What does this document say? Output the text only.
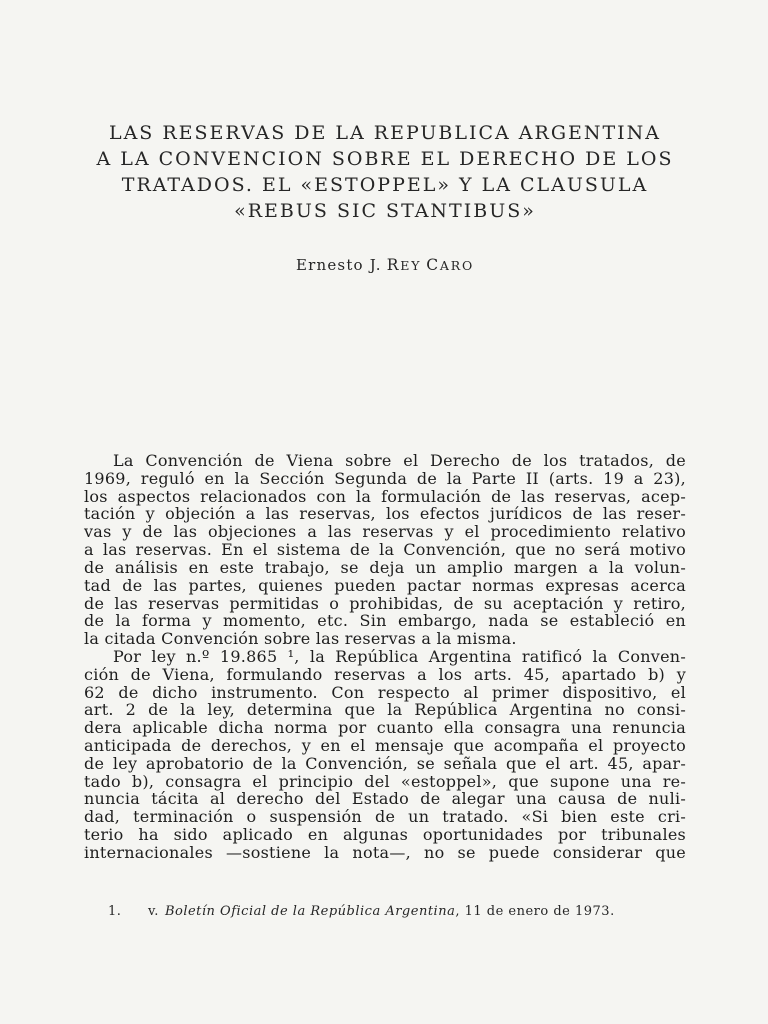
LAS RESERVAS DE LA REPUBLICA ARGENTINA
A LA CONVENCION SOBRE EL DERECHO DE LOS
TRATADOS. EL «ESTOPPEL» Y LA CLAUSULA
«REBUS SIC STANTIBUS»
Ernesto J. REY CARO
La Convención de Viena sobre el Derecho de los tratados, de
1969, reguló en la Sección Segunda de la Parte II (arts. 19 a 23),
los aspectos relacionados con la formulación de las reservas, acep-
tación y objeción a las reservas, los efectos jurídicos de las reser-
vas y de las objeciones a las reservas y el procedimiento relativo
a las reservas. En el sistema de la Convención, que no será motivo
de análisis en este trabajo, se deja un amplio margen a la volun-
tad de las partes, quienes pueden pactar normas expresas acerca
de las reservas permitidas o prohibidas, de su aceptación y retiro,
de la forma y momento, etc. Sin embargo, nada se estableció en
la citada Convención sobre las reservas a la misma.
Por ley n.º 19.865 ¹, la República Argentina ratificó la Conven-
ción de Viena, formulando reservas a los arts. 45, apartado b) y
62 de dicho instrumento. Con respecto al primer dispositivo, el
art. 2 de la ley, determina que la República Argentina no consi-
dera aplicable dicha norma por cuanto ella consagra una renuncia
anticipada de derechos, y en el mensaje que acompaña el proyecto
de ley aprobatorio de la Convención, se señala que el art. 45, apar-
tado b), consagra el principio del «estoppel», que supone una re-
nuncia tácita al derecho del Estado de alegar una causa de nuli-
dad, terminación o suspensión de un tratado. «Si bien este cri-
terio ha sido aplicado en algunas oportunidades por tribunales
internacionales —sostiene la nota—, no se puede considerar que
1. v. Boletín Oficial de la República Argentina, 11 de enero de 1973.
